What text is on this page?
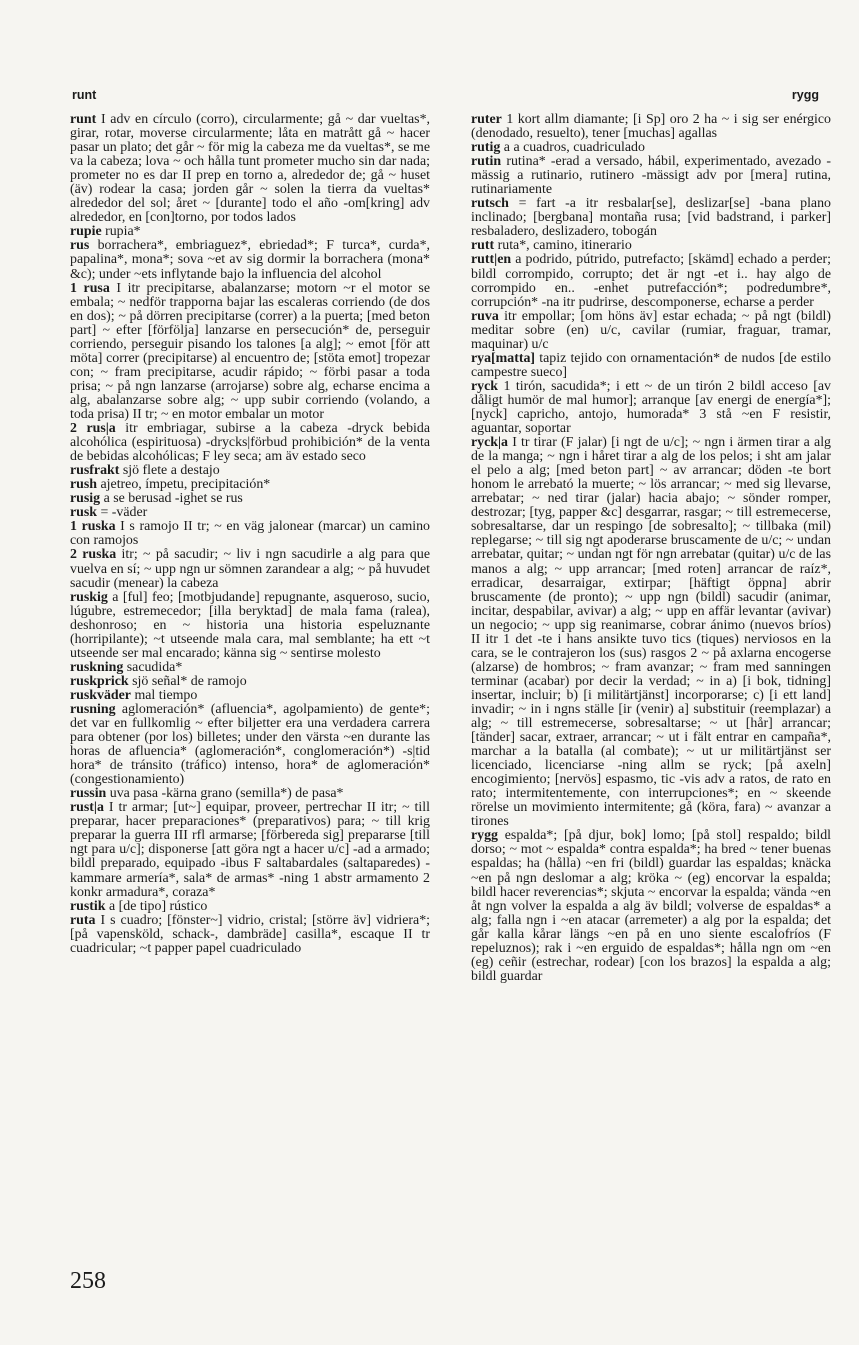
runt	rygg

runt I adv en círculo (corro), circularmente; gå ~ dar vueltas*, girar, rotar, moverse circularmente; låta en matrått gå ~ hacer pasar un plato; det går ~ för mig la cabeza me da vueltas*, se me va la cabeza; lova ~ och hålla tunt prometer mucho sin dar nada; prometer no es dar II prep en torno a, alrededor de; gå ~ huset (äv) rodear la casa; jorden går ~ solen la tierra da vueltas* alrededor del sol; året ~ [durante] todo el año -om[kring] adv alrededor, en [con]torno, por todos lados

rupie rupia*

rus borrachera*, embriaguez*, ebriedad*; F turca*, curda*, papalina*, mona*; sova ~et av sig dormir la borrachera (mona* &c); under ~ets inflytande bajo la influencia del alcohol

1 rusa I itr precipitarse, abalanzarse; motorn ~r el motor se embala; ~ nedför trapporna bajar las escaleras corriendo (de dos en dos); ~ på dörren precipitarse (correr) a la puerta; [med beton part] ~ efter [förfölja] lanzarse en persecución* de, perseguir corriendo, perseguir pisando los talones [a alg]; ~ emot [för att möta] correr (precipitarse) al encuentro de; [stöta emot] tropezar con; ~ fram precipitarse, acudir rápido; ~ förbi pasar a toda prisa; ~ på ngn lanzarse (arrojarse) sobre alg, echarse encima a alg, abalanzarse sobre alg; ~ upp subir corriendo (volando, a toda prisa) II tr; ~ en motor embalar un motor

2 rus|a itr embriagar, subirse a la cabeza -dryck bebida alcohólica (espirituosa) -drycks|förbud prohibición* de la venta de bebidas alcohólicas; F ley seca; am äv estado seco

rusfrakt sjö flete a destajo

rush ajetreo, ímpetu, precipitación*

rusig a se berusad -ighet se rus

rusk = -väder

1 ruska I s ramojo II tr; ~ en väg jalonear (marcar) un camino con ramojos

2 ruska itr; ~ på sacudir; ~ liv i ngn sacudirle a alg para que vuelva en sí; ~ upp ngn ur sömnen zarandear a alg; ~ på huvudet sacudir (menear) la cabeza

ruskig a [ful] feo; [motbjudande] repugnante, asqueroso, sucio, lúgubre, estremecedor; [illa beryktad] de mala fama (ralea), deshonroso; en ~ historia una historia espeluznante (horripilante); ~t utseende mala cara, mal semblante; ha ett ~t utseende ser mal encarado; känna sig ~ sentirse molesto

ruskning sacudida*

ruskprick sjö señal* de ramojo

ruskväder mal tiempo

rusning aglomeración* (afluencia*, agolpamiento) de gente*; det var en fullkomlig ~ efter biljetter era una verdadera carrera para obtener (por los) billetes; under den värsta ~en durante las horas de afluencia* (aglomeración*, conglomeración*) -s|tid hora* de tránsito (tráfico) intenso, hora* de aglomeración* (congestionamiento)

russin uva pasa -kärna grano (semilla*) de pasa*

rust|a I tr armar; [ut~] equipar, proveer, pertrechar II itr; ~ till preparar, hacer preparaciones* (preparativos) para; ~ till krig preparar la guerra III rfl armarse; [förbereda sig] prepararse [till ngt para u/c]; disponerse [att göra ngt a hacer u/c] -ad a armado; bildl preparado, equipado -ibus F saltabardales (saltaparedes) -kammare armería*, sala* de armas* -ning 1 abstr armamento 2 konkr armadura*, coraza*

rustik a [de tipo] rústico

ruta I s cuadro; [fönster~] vidrio, cristal; [större äv] vidriera*; [på vapensköld, schack-, dambräde] casilla*, escaque II tr cuadricular; ~t papper papel cuadriculado

ruter 1 kort allm diamante; [i Sp] oro 2 ha ~ i sig ser enérgico (denodado, resuelto), tener [muchas] agallas

rutig a a cuadros, cuadriculado

rutin rutina* -erad a versado, hábil, experimentado, avezado -mässig a rutinario, rutinero -mässigt adv por [mera] rutina, rutinariamente

rutsch = fart -a itr resbalar[se], deslizar[se] -bana plano inclinado; [bergbana] montaña rusa; [vid badstrand, i parker] resbaladero, deslizadero, tobogán

rutt ruta*, camino, itinerario

rutt|en a podrido, pútrido, putrefacto; [skämd] echado a perder; bildl corrompido, corrupto; det är ngt -et i.. hay algo de corrompido en.. -enhet putrefacción*; podredumbre*, corrupción* -na itr pudrirse, descomponerse, echarse a perder

ruva itr empollar; [om höns äv] estar echada; ~ på ngt (bildl) meditar sobre (en) u/c, cavilar (rumiar, fraguar, tramar, maquinar) u/c

rya[matta] tapiz tejido con ornamentación* de nudos [de estilo campestre sueco]

ryck 1 tirón, sacudida*; i ett ~ de un tirón 2 bildl acceso [av dåligt humör de mal humor]; arranque [av energi de energía*]; [nyck] capricho, antojo, humorada* 3 stå ~en F resistir, aguantar, soportar

ryck|a I tr tirar (F jalar) [i ngt de u/c]; ~ ngn i ärmen tirar a alg de la manga; ~ ngn i håret tirar a alg de los pelos; i sht am jalar el pelo a alg; [med beton part] ~ av arrancar; döden -te bort honom le arrebató la muerte; ~ lös arrancar; ~ med sig llevarse, arrebatar; ~ ned tirar (jalar) hacia abajo; ~ sönder romper, destrozar; [tyg, papper &c] desgarrar, rasgar; ~ till estremecerse, sobresaltarse, dar un respingo [de sobresalto]; ~ tillbaka (mil) replegarse; ~ till sig ngt apoderarse bruscamente de u/c; ~ undan arrebatar, quitar; ~ undan ngt för ngn arrebatar (quitar) u/c de las manos a alg; ~ upp arrancar; [med roten] arrancar de raíz*, erradicar, desarraigar, extirpar; [häftigt öppna] abrir bruscamente (de pronto); ~ upp ngn (bildl) sacudir (animar, incitar, despabilar, avivar) a alg; ~ upp en affär levantar (avivar) un negocio; ~ upp sig reanimarse, cobrar ánimo (nuevos bríos) II itr 1 det -te i hans ansikte tuvo tics (tiques) nerviosos en la cara, se le contrajeron los (sus) rasgos 2 ~ på axlarna encogerse (alzarse) de hombros; ~ fram avanzar; ~ fram med sanningen terminar (acabar) por decir la verdad; ~ in a) [i bok, tidning] insertar, incluir; b) [i militärtjänst] incorporarse; c) [i ett land] invadir; ~ in i ngns ställe [ir (venir) a] substituir (reemplazar) a alg; ~ till estremecerse, sobresaltarse; ~ ut [hår] arrancar; [tänder] sacar, extraer, arrancar; ~ ut i fält entrar en campaña*, marchar a la batalla (al combate); ~ ut ur militärtjänst ser licenciado, licenciarse -ning allm se ryck; [på axeln] encogimiento; [nervös] espasmo, tic -vis adv a ratos, de rato en rato; intermitentemente, con interrupciones*; en ~ skeende rörelse un movimiento intermitente; gå (köra, fara) ~ avanzar a tirones

rygg espalda*; [på djur, bok] lomo; [på stol] respaldo; bildl dorso; ~ mot ~ espalda* contra espalda*; ha bred ~ tener buenas espaldas; ha (hålla) ~en fri (bildl) guardar las espaldas; knäcka ~en på ngn deslomar a alg; kröka ~ (eg) encorvar la espalda; bildl hacer reverencias*; skjuta ~ encorvar la espalda; vända ~en åt ngn volver la espalda a alg äv bildl; volverse de espaldas* a alg; falla ngn i ~en atacar (arremeter) a alg por la espalda; det går kalla kårar längs ~en på en uno siente escalofríos (F repeluznos); rak i ~en erguido de espaldas*; hålla ngn om ~en (eg) ceñir (estrechar, rodear) [con los brazos] la espalda a alg; bildl guardar

258
